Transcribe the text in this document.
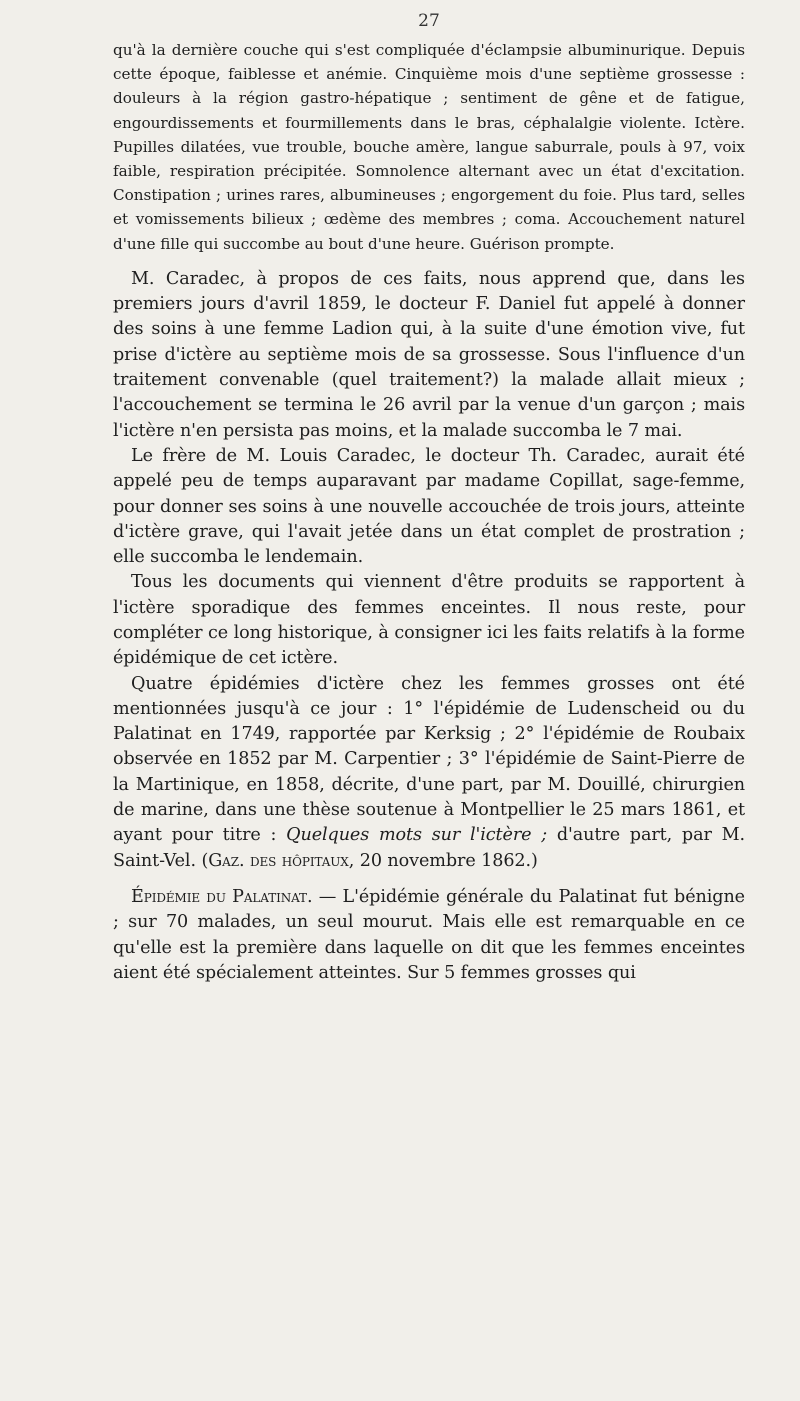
27

qu'à la dernière couche qui s'est compliquée d'éclampsie albuminurique. Depuis cette époque, faiblesse et anémie. Cinquième mois d'une septième grossesse : douleurs à la région gastro-hépatique ; sentiment de gêne et de fatigue, engourdissements et fourmillements dans le bras, céphalalgie violente. Ictère. Pupilles dilatées, vue trouble, bouche amère, langue saburrale, pouls à 97, voix faible, respiration précipitée. Somnolence alternant avec un état d'excitation. Constipation ; urines rares, albumineuses ; engorgement du foie. Plus tard, selles et vomissements bilieux ; œdème des membres ; coma. Accouchement naturel d'une fille qui succombe au bout d'une heure. Guérison prompte.

M. Caradec, à propos de ces faits, nous apprend que, dans les premiers jours d'avril 1859, le docteur F. Daniel fut appelé à donner des soins à une femme Ladion qui, à la suite d'une émotion vive, fut prise d'ictère au septième mois de sa grossesse. Sous l'influence d'un traitement convenable (quel traitement?) la malade allait mieux ; l'accouchement se termina le 26 avril par la venue d'un garçon ; mais l'ictère n'en persista pas moins, et la malade succomba le 7 mai.

Le frère de M. Louis Caradec, le docteur Th. Caradec, aurait été appelé peu de temps auparavant par madame Copillat, sage-femme, pour donner ses soins à une nouvelle accouchée de trois jours, atteinte d'ictère grave, qui l'avait jetée dans un état complet de prostration ; elle succomba le lendemain.

Tous les documents qui viennent d'être produits se rapportent à l'ictère sporadique des femmes enceintes. Il nous reste, pour compléter ce long historique, à consigner ici les faits relatifs à la forme épidémique de cet ictère.

Quatre épidémies d'ictère chez les femmes grosses ont été mentionnées jusqu'à ce jour : 1° l'épidémie de Ludenscheid ou du Palatinat en 1749, rapportée par Kerksig ; 2° l'épidémie de Roubaix observée en 1852 par M. Carpentier ; 3° l'épidémie de Saint-Pierre de la Martinique, en 1858, décrite, d'une part, par M. Douillé, chirurgien de marine, dans une thèse soutenue à Montpellier le 25 mars 1861, et ayant pour titre : Quelques mots sur l'ictère ; d'autre part, par M. Saint-Vel. (Gaz. des hôpitaux, 20 novembre 1862.)

Épidémie du Palatinat. — L'épidémie générale du Palatinat fut bénigne ; sur 70 malades, un seul mourut. Mais elle est remarquable en ce qu'elle est la première dans laquelle on dit que les femmes enceintes aient été spécialement atteintes. Sur 5 femmes grosses qui
